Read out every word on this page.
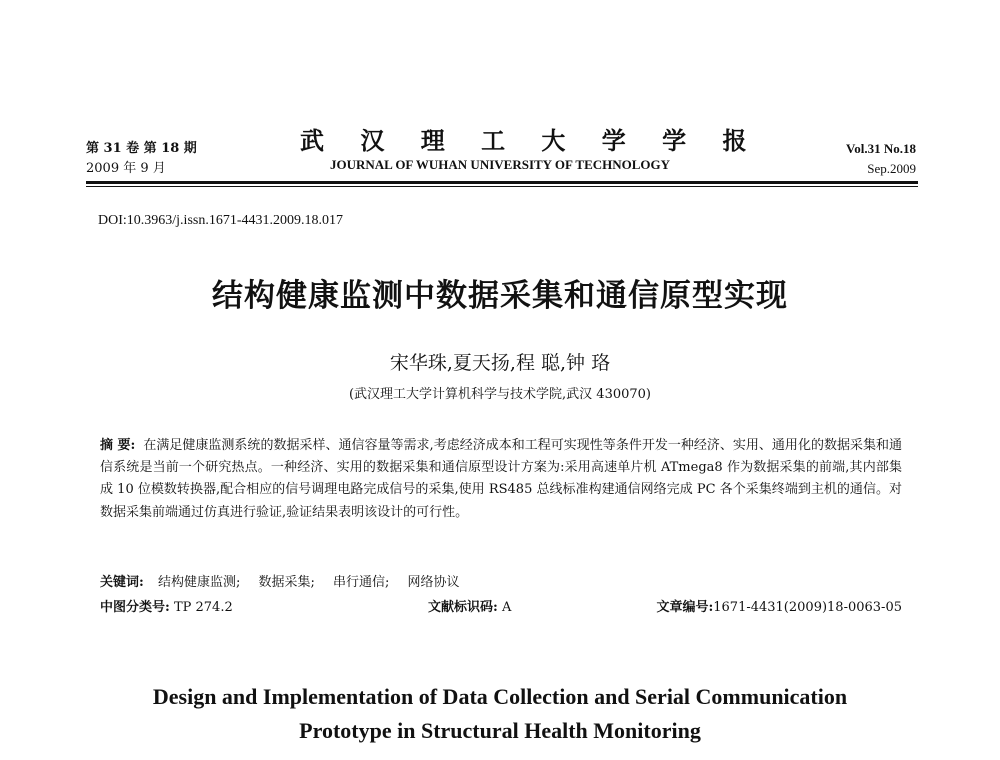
第 31 卷 第 18 期
2009 年 9 月
武 汉 理 工 大 学 学 报
JOURNAL OF WUHAN UNIVERSITY OF TECHNOLOGY
Vol.31 No.18
Sep.2009
DOI:10.3963/j.issn.1671-4431.2009.18.017
结构健康监测中数据采集和通信原型实现
宋华珠,夏天扬,程 聪,钟 珞
(武汉理工大学计算机科学与技术学院,武汉 430070)
摘 要: 在满足健康监测系统的数据采样、通信容量等需求,考虑经济成本和工程可实现性等条件开发一种经济、实用、通用化的数据采集和通信系统是当前一个研究热点。一种经济、实用的数据采集和通信原型设计方案为:采用高速单片机 ATmega8 作为数据采集的前端,其内部集成 10 位模数转换器,配合相应的信号调理电路完成信号的采集,使用 RS485 总线标准构建通信网络完成 PC 各个采集终端到主机的通信。对数据采集前端通过仿真进行验证,验证结果表明该设计的可行性。
关键词: 结构健康监测; 数据采集; 串行通信; 网络协议
中图分类号: TP 274.2	文献标识码: A	文章编号:1671-4431(2009)18-0063-05
Design and Implementation of Data Collection and Serial Communication
Prototype in Structural Health Monitoring
